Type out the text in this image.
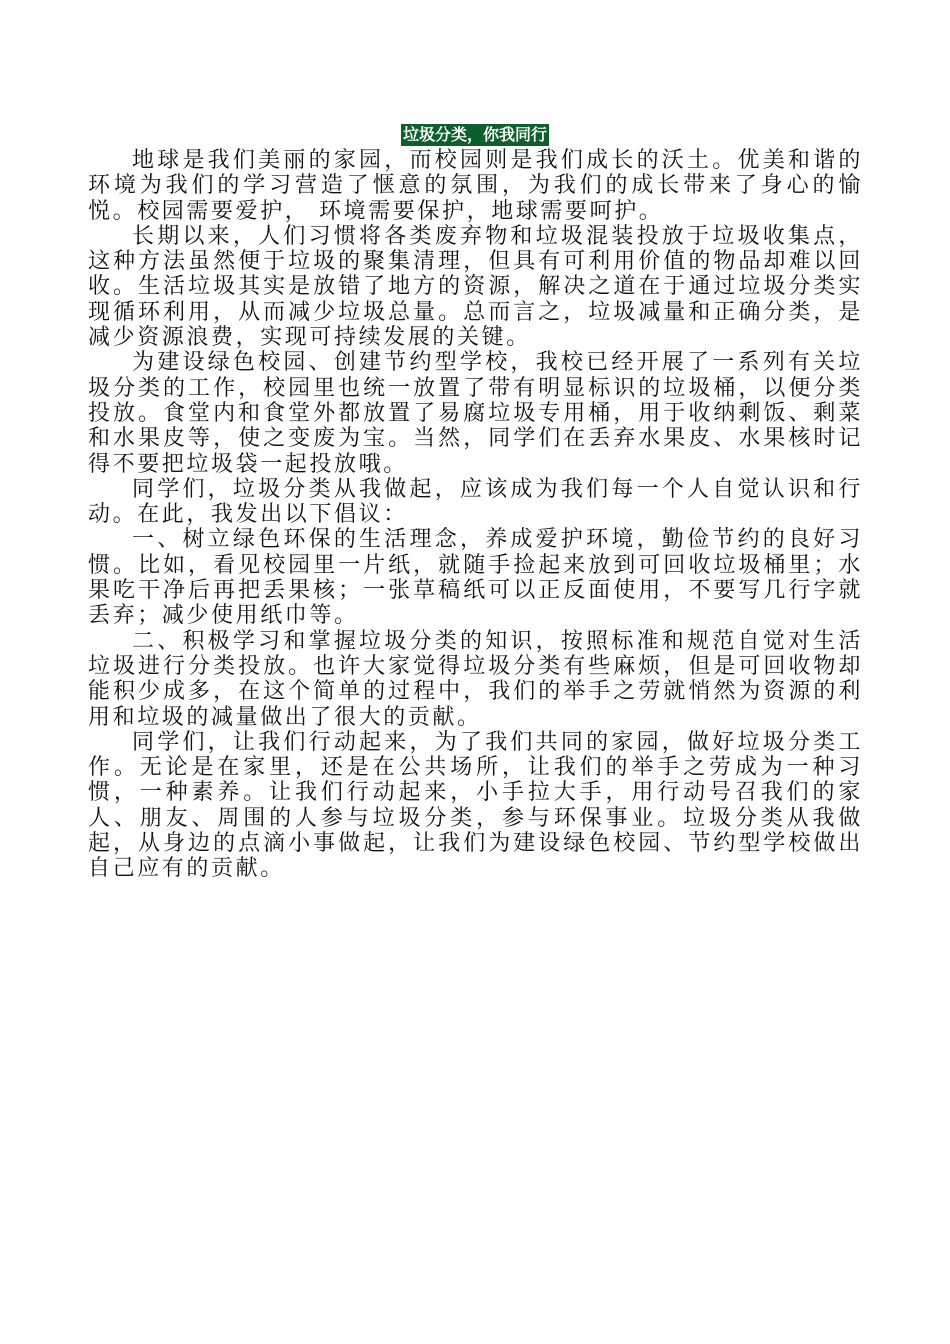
垃圾分类，你我同行

地球是我们美丽的家园，而校园则是我们成长的沃土。优美和谐的环境为我们的学习营造了惬意的氛围，为我们的成长带来了身心的愉悦。校园需要爱护， 环境需要保护，地球需要呵护。

长期以来，人们习惯将各类废弃物和垃圾混装投放于垃圾收集点，这种方法虽然便于垃圾的聚集清理，但具有可利用价值的物品却难以回收。生活垃圾其实是放错了地方的资源，解决之道在于通过垃圾分类实现循环利用，从而减少垃圾总量。总而言之，垃圾减量和正确分类，是减少资源浪费，实现可持续发展的关键。

为建设绿色校园、创建节约型学校，我校已经开展了一系列有关垃圾分类的工作，校园里也统一放置了带有明显标识的垃圾桶，以便分类投放。食堂内和食堂外都放置了易腐垃圾专用桶，用于收纳剩饭、剩菜和水果皮等，使之变废为宝。当然，同学们在丢弃水果皮、水果核时记得不要把垃圾袋一起投放哦。

同学们，垃圾分类从我做起，应该成为我们每一个人自觉认识和行动。在此，我发出以下倡议：

一、树立绿色环保的生活理念，养成爱护环境，勤俭节约的良好习惯。比如，看见校园里一片纸，就随手捡起来放到可回收垃圾桶里；水果吃干净后再把丢果核；一张草稿纸可以正反面使用，不要写几行字就丢弃；减少使用纸巾等。

二、积极学习和掌握垃圾分类的知识，按照标准和规范自觉对生活垃圾进行分类投放。也许大家觉得垃圾分类有些麻烦，但是可回收物却能积少成多，在这个简单的过程中，我们的举手之劳就悄然为资源的利用和垃圾的减量做出了很大的贡献。

同学们，让我们行动起来，为了我们共同的家园，做好垃圾分类工作。无论是在家里，还是在公共场所，让我们的举手之劳成为一种习惯，一种素养。让我们行动起来，小手拉大手，用行动号召我们的家人、朋友、周围的人参与垃圾分类，参与环保事业。垃圾分类从我做起，从身边的点滴小事做起，让我们为建设绿色校园、节约型学校做出自己应有的贡献。
